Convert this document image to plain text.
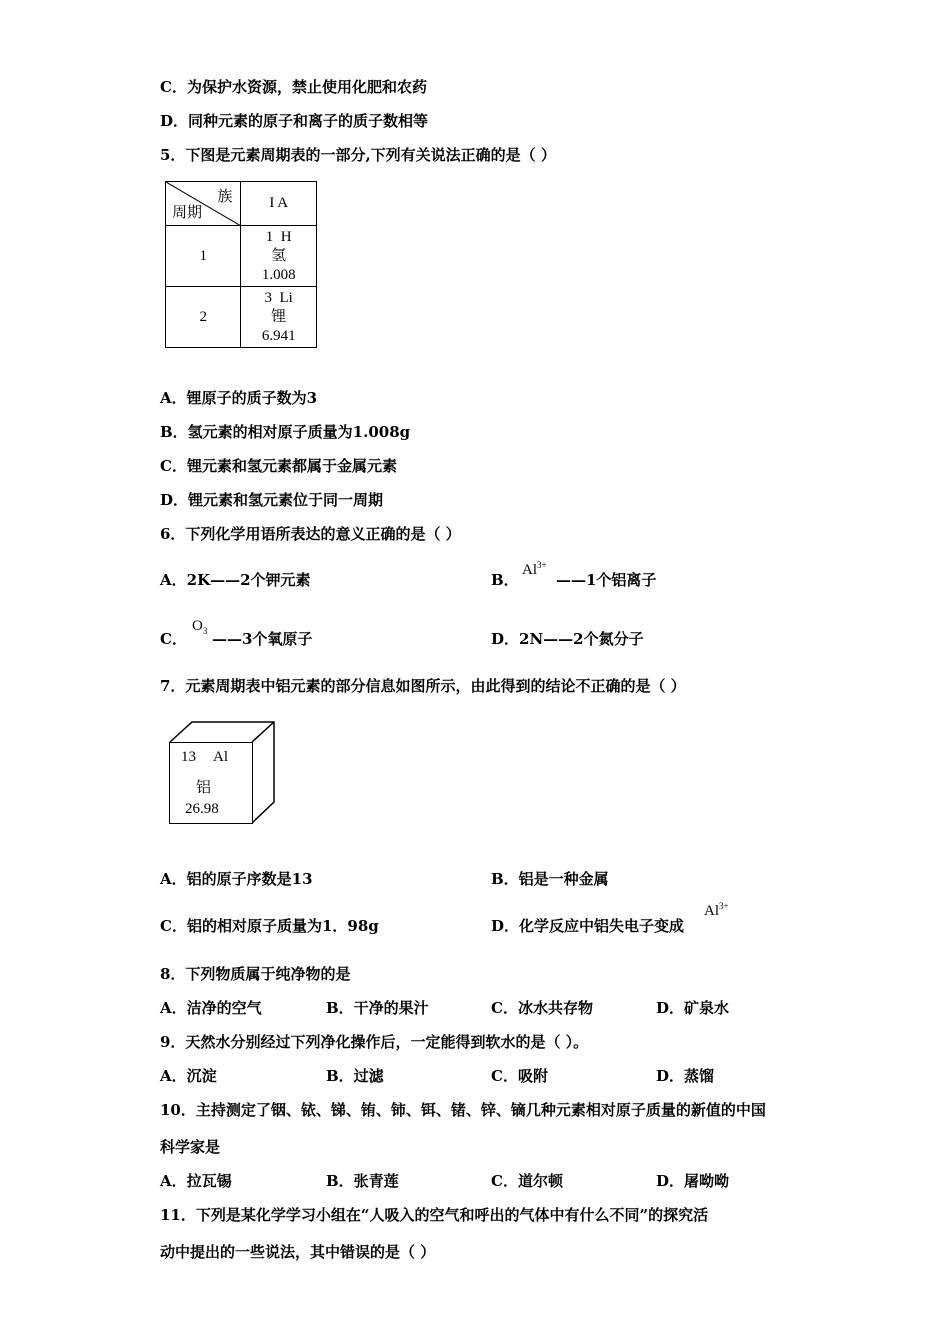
C．为保护水资源，禁止使用化肥和农药
D．同种元素的原子和离子的质子数相等
5．下图是元素周期表的一部分,下列有关说法正确的是（ ）
族
周期	I A
1	1 H
氢
1.008

2	3 Li
锂
6.941
A．锂原子的质子数为3
B．氢元素的相对原子质量为1.008g
C．锂元素和氢元素都属于金属元素
D．锂元素和氢元素位于同一周期
6．下列化学用语所表达的意义正确的是（ ）
A．2K——2个钾元素	B．
$Al^{3+}$
——1个铝离子
C．
$O_3$ ——3个氧原子	D．2N——2个氮分子
7．元素周期表中铝元素的部分信息如图所示，由此得到的结论不正确的是（ ）
13 Al
铝
26.98
A．铝的原子序数是13	B．铝是一种金属
C．铝的相对原子质量为1．98g	D．化学反应中铝失电子变成
$Al^{3+}$
8．下列物质属于纯净物的是
A．洁净的空气	B．干净的果汁	C．冰水共存物	D．矿泉水
9．天然水分别经过下列净化操作后，一定能得到软水的是（ ）。
A．沉淀	B．过滤	C．吸附	D．蒸馏
10．主持测定了铟、铱、锑、铕、铈、铒、锗、锌、镝几种元素相对原子质量的新值的中国
科学家是
A．拉瓦锡	B．张青莲	C．道尔顿	D．屠呦呦
11．下列是某化学学习小组在“人吸入的空气和呼出的气体中有什么不同”的探究活
动中提出的一些说法，其中错误的是（ ）
